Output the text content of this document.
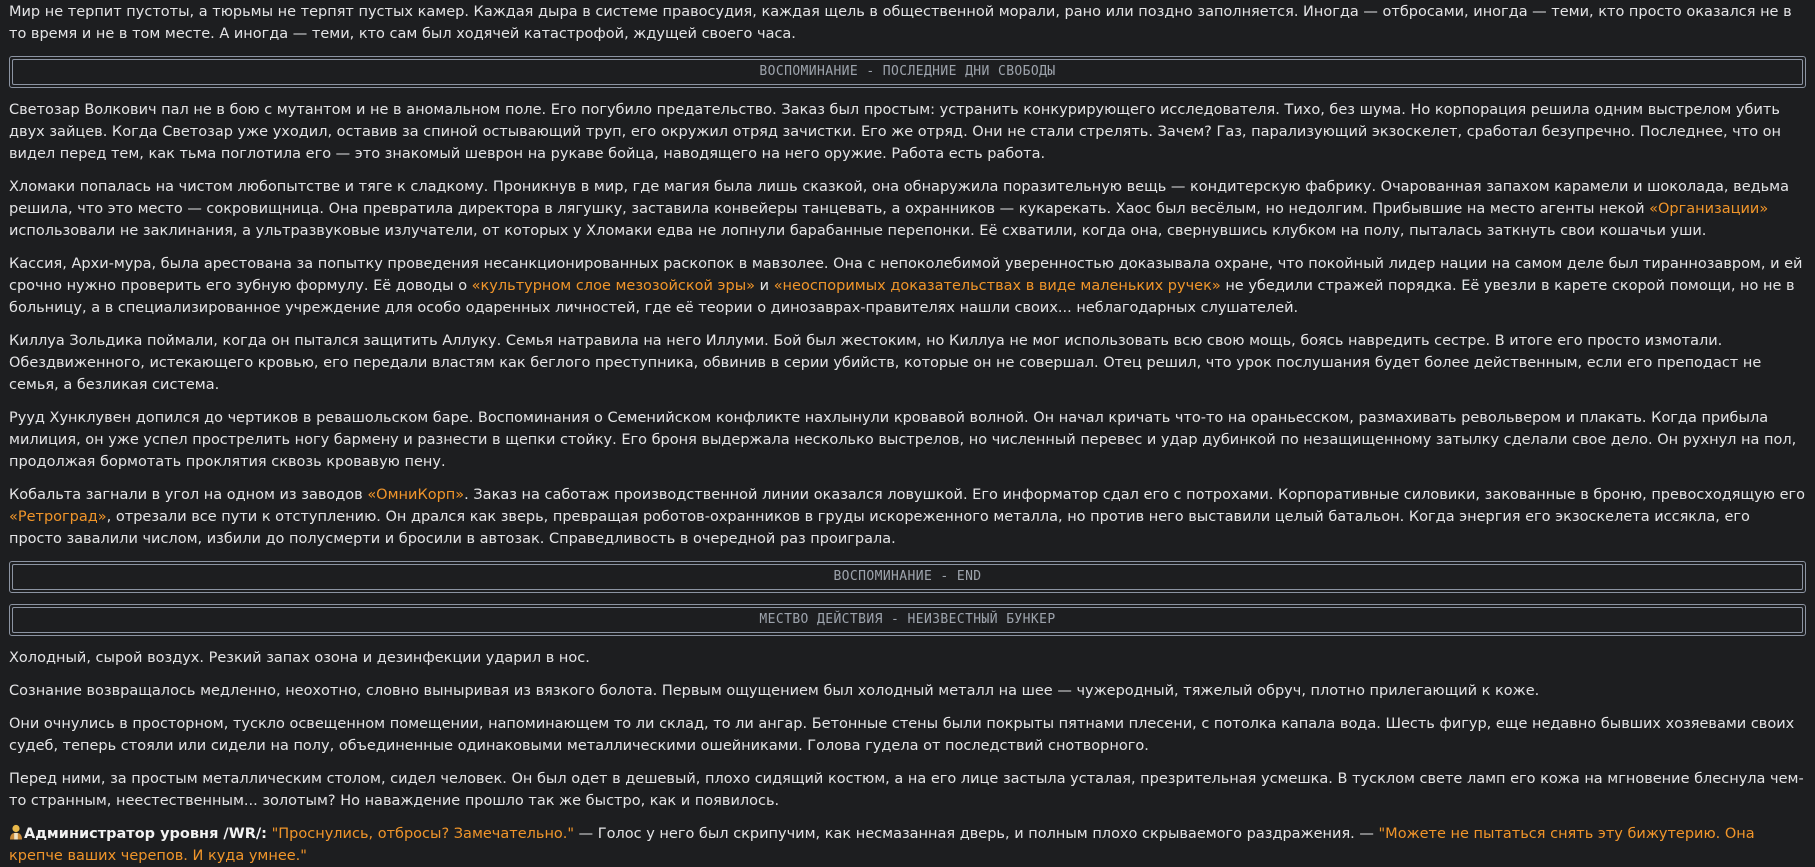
Мир не терпит пустоты, а тюрьмы не терпят пустых камер. Каждая дыра в системе правосудия, каждая щель в общественной морали, рано или поздно заполняется. Иногда — отбросами, иногда — теми, кто просто оказался не в то время и не в том месте. А иногда — теми, кто сам был ходячей катастрофой, ждущей своего часа.

ВОСПОМИНАНИЕ - ПОСЛЕДНИЕ ДНИ СВОБОДЫ

Светозар Волкович пал не в бою с мутантом и не в аномальном поле. Его погубило предательство. Заказ был простым: устранить конкурирующего исследователя. Тихо, без шума. Но корпорация решила одним выстрелом убить двух зайцев. Когда Светозар уже уходил, оставив за спиной остывающий труп, его окружил отряд зачистки. Его же отряд. Они не стали стрелять. Зачем? Газ, парализующий экзоскелет, сработал безупречно. Последнее, что он видел перед тем, как тьма поглотила его — это знакомый шеврон на рукаве бойца, наводящего на него оружие. Работа есть работа.

Хломаки попалась на чистом любопытстве и тяге к сладкому. Проникнув в мир, где магия была лишь сказкой, она обнаружила поразительную вещь — кондитерскую фабрику. Очарованная запахом карамели и шоколада, ведьма решила, что это место — сокровищница. Она превратила директора в лягушку, заставила конвейеры танцевать, а охранников — кукарекать. Хаос был весёлым, но недолгим. Прибывшие на место агенты некой «Организации» использовали не заклинания, а ультразвуковые излучатели, от которых у Хломаки едва не лопнули барабанные перепонки. Её схватили, когда она, свернувшись клубком на полу, пыталась заткнуть свои кошачьи уши.

Кассия, Архи-мура, была арестована за попытку проведения несанкционированных раскопок в мавзолее. Она с непоколебимой уверенностью доказывала охране, что покойный лидер нации на самом деле был тираннозавром, и ей срочно нужно проверить его зубную формулу. Её доводы о «культурном слое мезозойской эры» и «неоспоримых доказательствах в виде маленьких ручек» не убедили стражей порядка. Её увезли в карете скорой помощи, но не в больницу, а в специализированное учреждение для особо одаренных личностей, где её теории о динозаврах-правителях нашли своих... неблагодарных слушателей.

Киллуа Зольдика поймали, когда он пытался защитить Аллуку. Семья натравила на него Иллуми. Бой был жестоким, но Киллуа не мог использовать всю свою мощь, боясь навредить сестре. В итоге его просто измотали. Обездвиженного, истекающего кровью, его передали властям как беглого преступника, обвинив в серии убийств, которые он не совершал. Отец решил, что урок послушания будет более действенным, если его преподаст не семья, а безликая система.

Рууд Хунклувен допился до чертиков в ревашольском баре. Воспоминания о Семенийском конфликте нахлынули кровавой волной. Он начал кричать что-то на ораньесском, размахивать револьвером и плакать. Когда прибыла милиция, он уже успел прострелить ногу бармену и разнести в щепки стойку. Его броня выдержала несколько выстрелов, но численный перевес и удар дубинкой по незащищенному затылку сделали свое дело. Он рухнул на пол, продолжая бормотать проклятия сквозь кровавую пену.

Кобальта загнали в угол на одном из заводов «ОмниКорп». Заказ на саботаж производственной линии оказался ловушкой. Его информатор сдал его с потрохами. Корпоративные силовики, закованные в броню, превосходящую его «Ретроград», отрезали все пути к отступлению. Он дрался как зверь, превращая роботов-охранников в груды искореженного металла, но против него выставили целый батальон. Когда энергия его экзоскелета иссякла, его просто завалили числом, избили до полусмерти и бросили в автозак. Справедливость в очередной раз проиграла.

ВОСПОМИНАНИЕ - END
МЕСТВО ДЕЙСТВИЯ - НЕИЗВЕСТНЫЙ БУНКЕР

Холодный, сырой воздух. Резкий запах озона и дезинфекции ударил в нос.

Сознание возвращалось медленно, неохотно, словно выныривая из вязкого болота. Первым ощущением был холодный металл на шее — чужеродный, тяжелый обруч, плотно прилегающий к коже.

Они очнулись в просторном, тускло освещенном помещении, напоминающем то ли склад, то ли ангар. Бетонные стены были покрыты пятнами плесени, с потолка капала вода. Шесть фигур, еще недавно бывших хозяевами своих судеб, теперь стояли или сидели на полу, объединенные одинаковыми металлическими ошейниками. Голова гудела от последствий снотворного.

Перед ними, за простым металлическим столом, сидел человек. Он был одет в дешевый, плохо сидящий костюм, а на его лице застыла усталая, презрительная усмешка. В тусклом свете ламп его кожа на мгновение блеснула чем-то странным, неестественным... золотым? Но наваждение прошло так же быстро, как и появилось.

Администратор уровня /WR/: "Проснулись, отбросы? Замечательно." — Голос у него был скрипучим, как несмазанная дверь, и полным плохо скрываемого раздражения. — "Можете не пытаться снять эту бижутерию. Она крепче ваших черепов. И куда умнее."
